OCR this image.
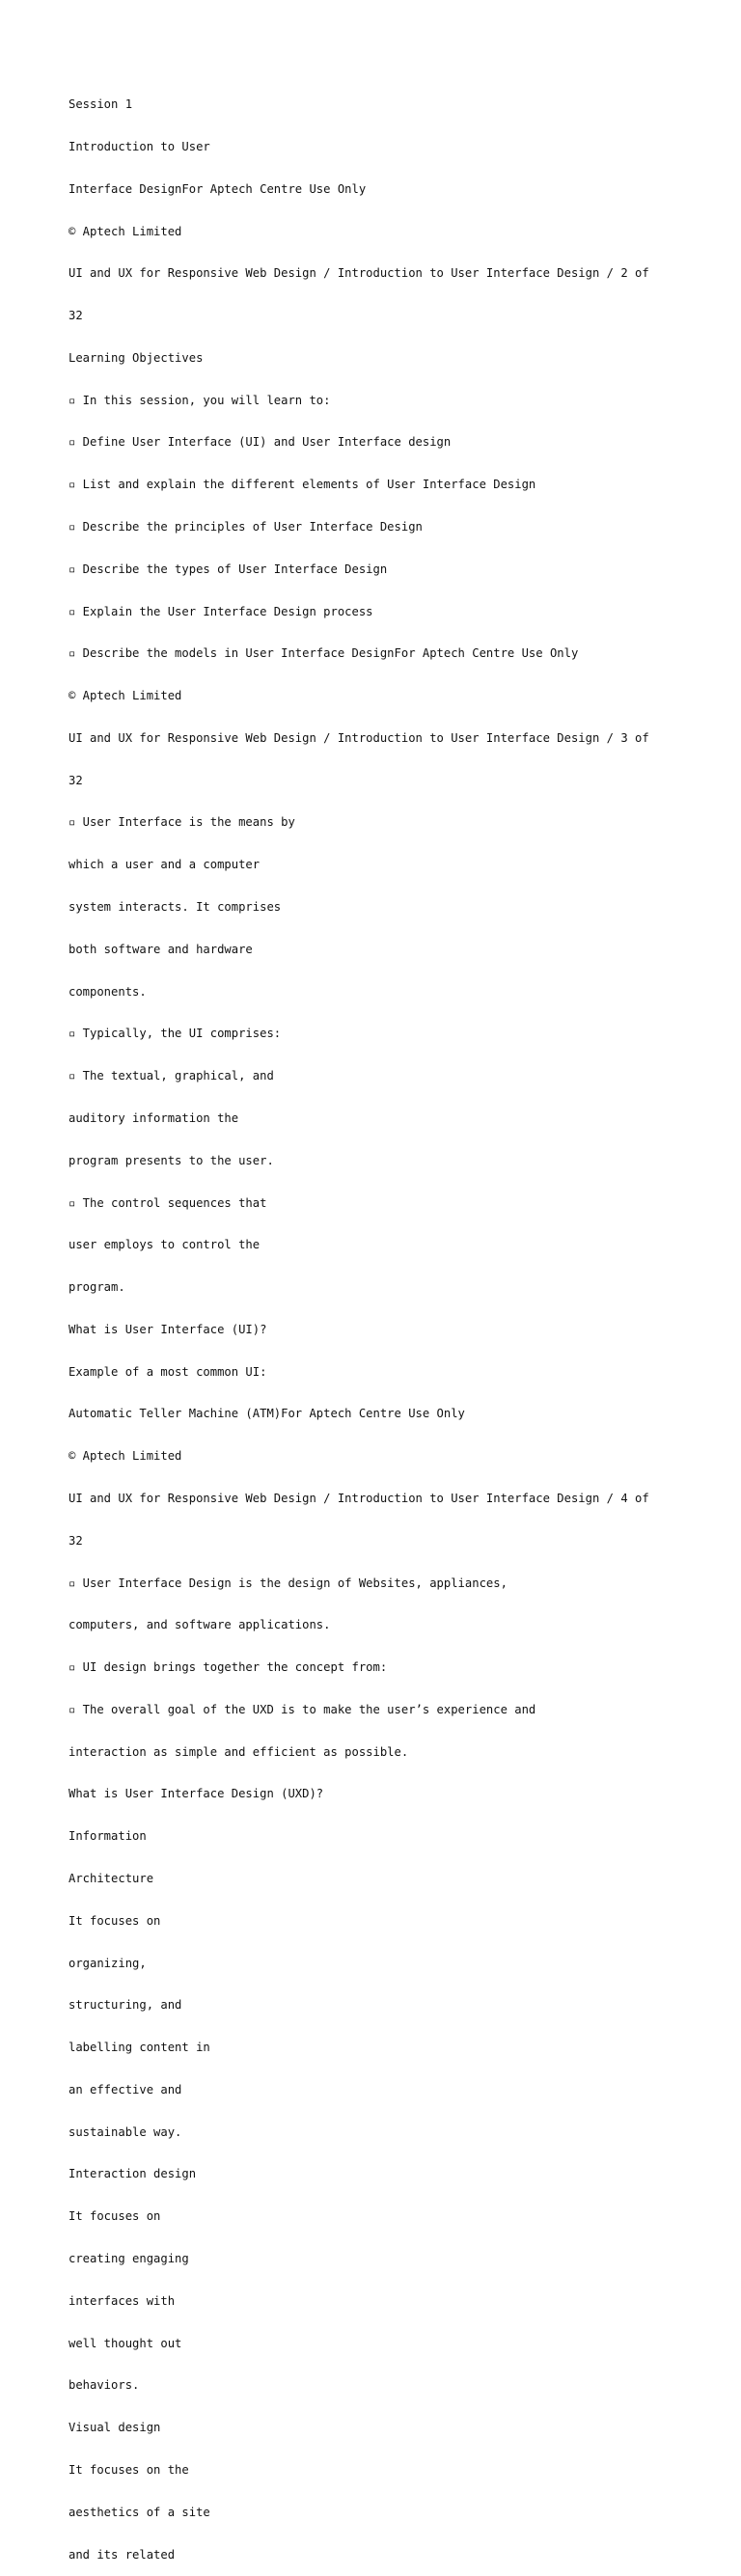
Session 1

Introduction to User

Interface DesignFor Aptech Centre Use Only

© Aptech Limited

UI and UX for Responsive Web Design / Introduction to User Interface Design / 2 of

32

Learning Objectives

▫ In this session, you will learn to:

▫ Define User Interface (UI) and User Interface design

▫ List and explain the different elements of User Interface Design

▫ Describe the principles of User Interface Design

▫ Describe the types of User Interface Design

▫ Explain the User Interface Design process

▫ Describe the models in User Interface DesignFor Aptech Centre Use Only

© Aptech Limited

UI and UX for Responsive Web Design / Introduction to User Interface Design / 3 of

32

▫ User Interface is the means by

which a user and a computer

system interacts. It comprises

both software and hardware

components.

▫ Typically, the UI comprises:

▫ The textual, graphical, and

auditory information the

program presents to the user.

▫ The control sequences that

user employs to control the

program.

What is User Interface (UI)?

Example of a most common UI:

Automatic Teller Machine (ATM)For Aptech Centre Use Only

© Aptech Limited

UI and UX for Responsive Web Design / Introduction to User Interface Design / 4 of

32

▫ User Interface Design is the design of Websites, appliances,

computers, and software applications.

▫ UI design brings together the concept from:

▫ The overall goal of the UXD is to make the user’s experience and

interaction as simple and efficient as possible.

What is User Interface Design (UXD)?

Information

Architecture

It focuses on

organizing,

structuring, and

labelling content in

an effective and

sustainable way.

Interaction design

It focuses on

creating engaging

interfaces with

well thought out

behaviors.

Visual design

It focuses on the

aesthetics of a site

and its related
